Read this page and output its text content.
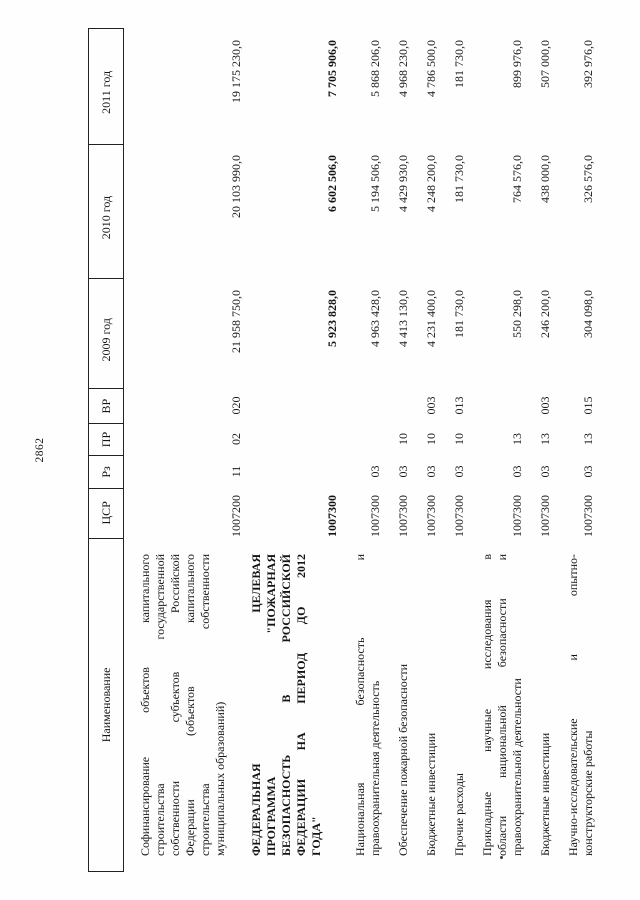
2862
Наименование
ЦСР
Рз
ПР
ВР
2009 год
2010 год
2011 год
Софинансирование объектов капитального строительства государственной собственности субъектов Российской Федерации (объектов капитального строительства собственности муниципальных образований)
1007200
11
02
020
21 958 750,0
20 103 990,0
19 175 230,0
ФЕДЕРАЛЬНАЯ ЦЕЛЕВАЯ ПРОГРАММА "ПОЖАРНАЯ БЕЗОПАСНОСТЬ В РОССИЙСКОЙ ФЕДЕРАЦИИ НА ПЕРИОД ДО 2012 ГОДА"
1007300
5 923 828,0
6 602 506,0
7 705 906,0
Национальная безопасность и правоохранительная деятельность
1007300
03
4 963 428,0
5 194 506,0
5 868 206,0
Обеспечение пожарной безопасности
1007300
03
10
4 413 130,0
4 429 930,0
4 968 230,0
Бюджетные инвестиции
1007300
03
10
003
4 231 400,0
4 248 200,0
4 786 500,0
Прочие расходы
1007300
03
10
013
181 730,0
181 730,0
181 730,0
Прикладные научные исследования в области национальной безопасности и правоохранительной деятельности
1007300
03
13
550 298,0
764 576,0
899 976,0
Бюджетные инвестиции
1007300
03
13
003
246 200,0
438 000,0
507 000,0
Научно-исследовательские и опытно- конструкторские работы
1007300
03
13
015
304 098,0
326 576,0
392 976,0
